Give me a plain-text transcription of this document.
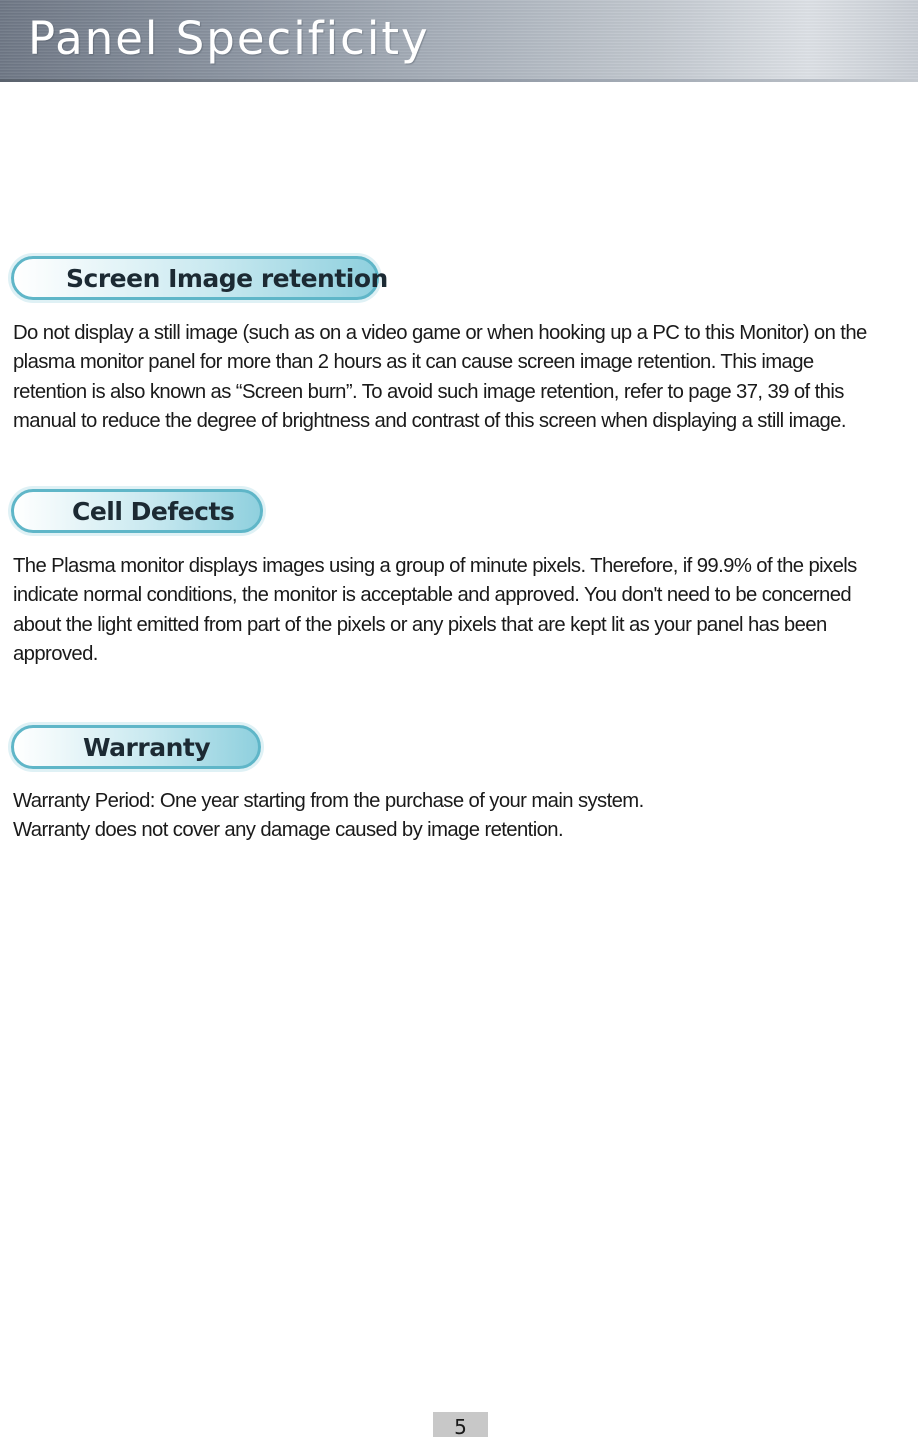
Panel Specificity
Screen Image retention
Do not display a still image (such as on a video game or when hooking up a PC to this Monitor) on the
plasma monitor panel for more than 2 hours as it can cause screen image retention. This image
retention is also known as “Screen burn”. To avoid such image retention, refer to page 37, 39 of this
manual to reduce the degree of brightness and contrast of this screen when displaying a still image.
Cell Defects
The Plasma monitor displays images using a group of minute pixels. Therefore, if 99.9% of the pixels
indicate normal conditions, the monitor is acceptable and approved. You don't need to be concerned
about the light emitted from part of the pixels or any pixels that are kept lit as your panel has been
approved.
Warranty
Warranty Period: One year starting from the purchase of your main system.
Warranty does not cover any damage caused by image retention.
5
